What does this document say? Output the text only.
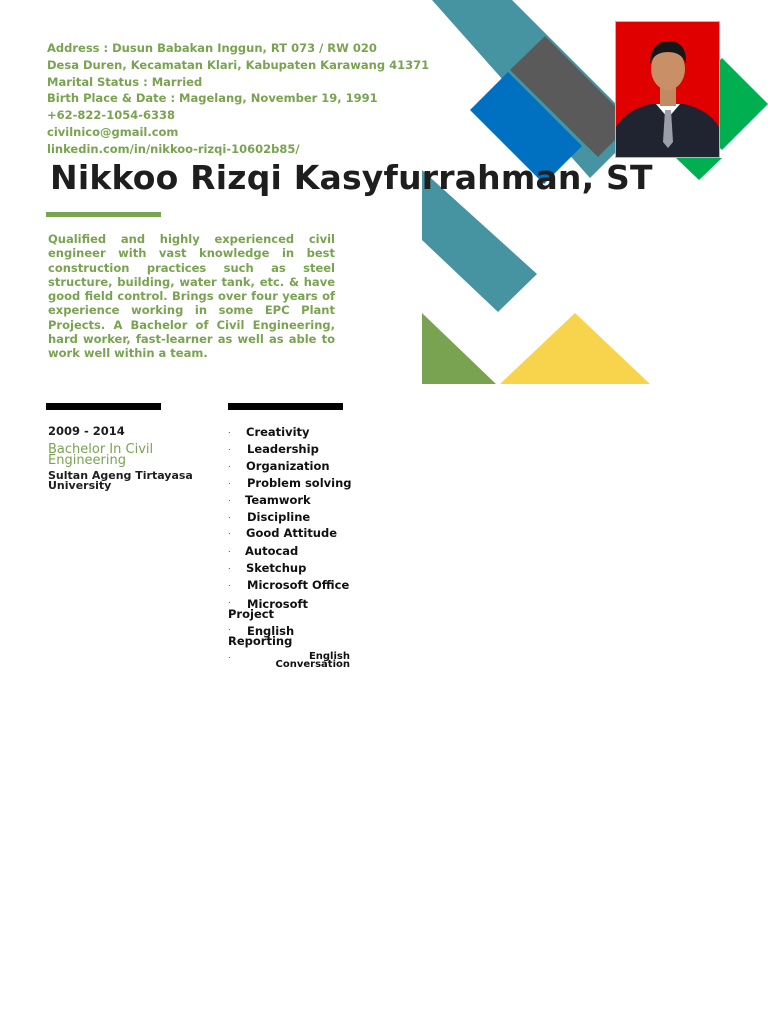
Address : Dusun Babakan Inggun, RT 073 / RW 020
Desa Duren, Kecamatan Klari, Kabupaten Karawang 41371
Marital Status : Married
Birth Place & Date : Magelang, November 19, 1991
+62-822-1054-6338
civilnico@gmail.com
linkedin.com/in/nikkoo-rizqi-10602b85/
Nikkoo Rizqi Kasyfurrahman, ST
Qualified and highly experienced civil engineer with vast knowledge in best construction practices such as steel structure, building, water tank, etc. & have good field control. Brings over four years of experience working in some EPC Plant Projects. A Bachelor of Civil Engineering, hard worker, fast-learner as well as able to work well within a team.
2009 - 2014
Bachelor In Civil Engineering
Sultan Ageng Tirtayasa University
. Creativity
. Leadership
. Organization
. Problem solving
. Teamwork
. Discipline
. Good Attitude
. Autocad
. Sketchup
. Microsoft Office
.	Microsoft Project
.	English Reporting
.	English Conversation
